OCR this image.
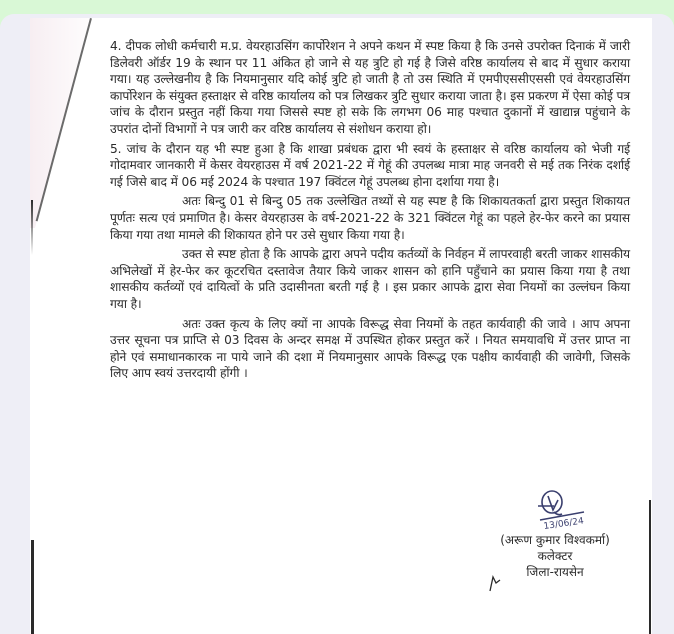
4. दीपक लोधी कर्मचारी म.प्र. वेयरहाउसिंग कार्पोरेशन ने अपने कथन में स्पष्ट किया है कि उनसे उपरोक्त दिनाकं में जारी डिलेवरी ऑर्डर 19 के स्थान पर 11 अंकित हो जाने से यह त्रुटि हो गई है जिसे वरिष्ठ कार्यालय से बाद में सुधार कराया गया। यह उल्लेखनीय है कि नियमानुसार यदि कोई त्रुटि हो जाती है तो उस स्थिति में एमपीएससीएससी एवं वेयरहाउसिंग कार्पोरेशन के संयुक्त हस्ताक्षर से वरिष्ठ कार्यालय को पत्र लिखकर त्रुटि सुधार कराया जाता है। इस प्रकरण में ऐसा कोई पत्र जांच के दौरान प्रस्तुत नहीं किया गया जिससे स्पष्ट हो सके कि लगभग 06 माह पश्चात दुकानों में खाद्यान्न पहुंचाने के उपरांत दोनों विभागों ने पत्र जारी कर वरिष्ठ कार्यालय से संशोधन कराया हो।

5. जांच के दौरान यह भी स्पष्ट हुआ है कि शाखा प्रबंधक द्वारा भी स्वयं के हस्ताक्षर से वरिष्ठ कार्यालय को भेजी गई गोदामवार जानकारी में केसर वेयरहाउस में वर्ष 2021-22 में गेहूं की उपलब्ध मात्रा माह जनवरी से मई तक निरंक दर्शाई गई जिसे बाद में 06 मई 2024 के पश्चात 197 क्विंटल गेहूं उपलब्ध होना दर्शाया गया है।

अतः बिन्दु 01 से बिन्दु 05 तक उल्लेखित तथ्यों से यह स्पष्ट है कि शिकायतकर्ता द्वारा प्रस्तुत शिकायत पूर्णतः सत्य एवं प्रमाणित है। केसर वेयरहाउस के वर्ष-2021-22 के 321 क्विंटल गेहूं का पहले हेर-फेर करने का प्रयास किया गया तथा मामले की शिकायत होने पर उसे सुधार किया गया है।

उक्त से स्पष्ट होता है कि आपके द्वारा अपने पदीय कर्तव्यों के निर्वहन में लापरवाही बरती जाकर शासकीय अभिलेखों में हेर-फेर कर कूटरचित दस्तावेज तैयार किये जाकर शासन को हानि पहुँचाने का प्रयास किया गया है तथा शासकीय कर्तव्यों एवं दायित्वों के प्रति उदासीनता बरती गई है । इस प्रकार आपके द्वारा सेवा नियमों का उल्लंघन किया गया है।

अतः उक्त कृत्य के लिए क्यों ना आपके विरूद्ध सेवा नियमों के तहत कार्यवाही की जावे । आप अपना उत्तर सूचना पत्र प्राप्ति से 03 दिवस के अन्दर समक्ष में उपस्थित होकर प्रस्तुत करें । नियत समयावधि में उत्तर प्राप्त ना होने एवं समाधानकारक ना पाये जाने की दशा में नियमानुसार आपके विरूद्ध एक पक्षीय कार्यवाही की जावेगी, जिसके लिए आप स्वयं उत्तरदायी होंगी ।

13/06/24
(अरूण कुमार विश्वकर्मा)
कलेक्टर
जिला-रायसेन
